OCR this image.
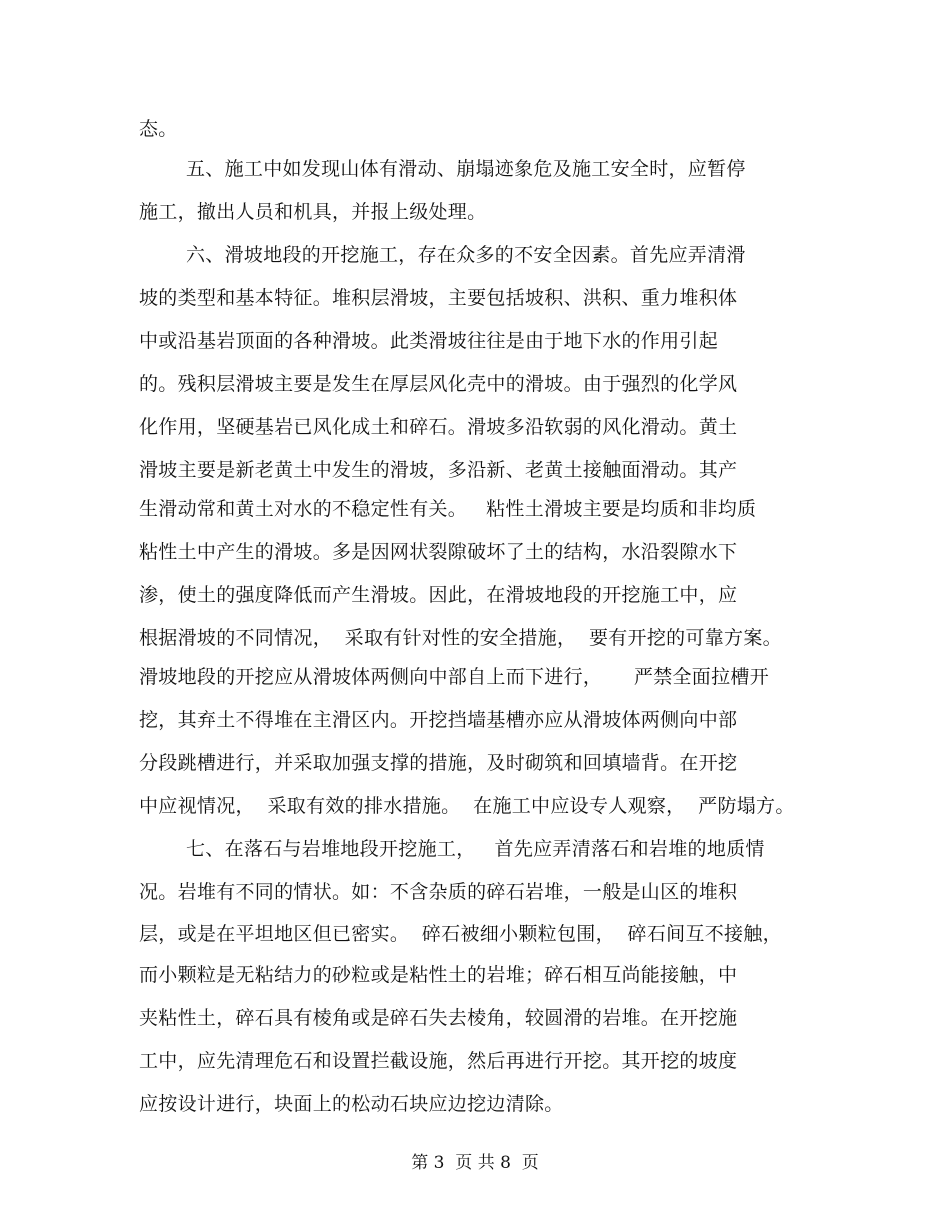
态。
五、施工中如发现山体有滑动、崩塌迹象危及施工安全时，应暂停
施工，撤出人员和机具，并报上级处理。
六、滑坡地段的开挖施工，存在众多的不安全因素。首先应弄清滑
坡的类型和基本特征。堆积层滑坡，主要包括坡积、洪积、重力堆积体
中或沿基岩顶面的各种滑坡。此类滑坡往往是由于地下水的作用引起
的。残积层滑坡主要是发生在厚层风化壳中的滑坡。由于强烈的化学风
化作用，坚硬基岩已风化成土和碎石。滑坡多沿软弱的风化滑动。黄土
滑坡主要是新老黄土中发生的滑坡，多沿新、老黄土接触面滑动。其产
生滑动常和黄土对水的不稳定性有关。   粘性土滑坡主要是均质和非均质
粘性土中产生的滑坡。多是因网状裂隙破坏了土的结构，水沿裂隙水下
渗，使土的强度降低而产生滑坡。因此，在滑坡地段的开挖施工中，应
根据滑坡的不同情况，  采取有针对性的安全措施，  要有开挖的可靠方案。
滑坡地段的开挖应从滑坡体两侧向中部自上而下进行，     严禁全面拉槽开
挖，其弃土不得堆在主滑区内。开挖挡墙基槽亦应从滑坡体两侧向中部
分段跳槽进行，并采取加强支撑的措施，及时砌筑和回填墙背。在开挖
中应视情况，  采取有效的排水措施。  在施工中应设专人观察，  严防塌方。
七、在落石与岩堆地段开挖施工，   首先应弄清落石和岩堆的地质情
况。岩堆有不同的情状。如：不含杂质的碎石岩堆，一般是山区的堆积
层，或是在平坦地区但已密实。  碎石被细小颗粒包围，  碎石间互不接触，
而小颗粒是无粘结力的砂粒或是粘性土的岩堆；碎石相互尚能接触，中
夹粘性土，碎石具有棱角或是碎石失去棱角，较圆滑的岩堆。在开挖施
工中，应先清理危石和设置拦截设施，然后再进行开挖。其开挖的坡度
应按设计进行，块面上的松动石块应边挖边清除。
第 3  页 共 8  页
